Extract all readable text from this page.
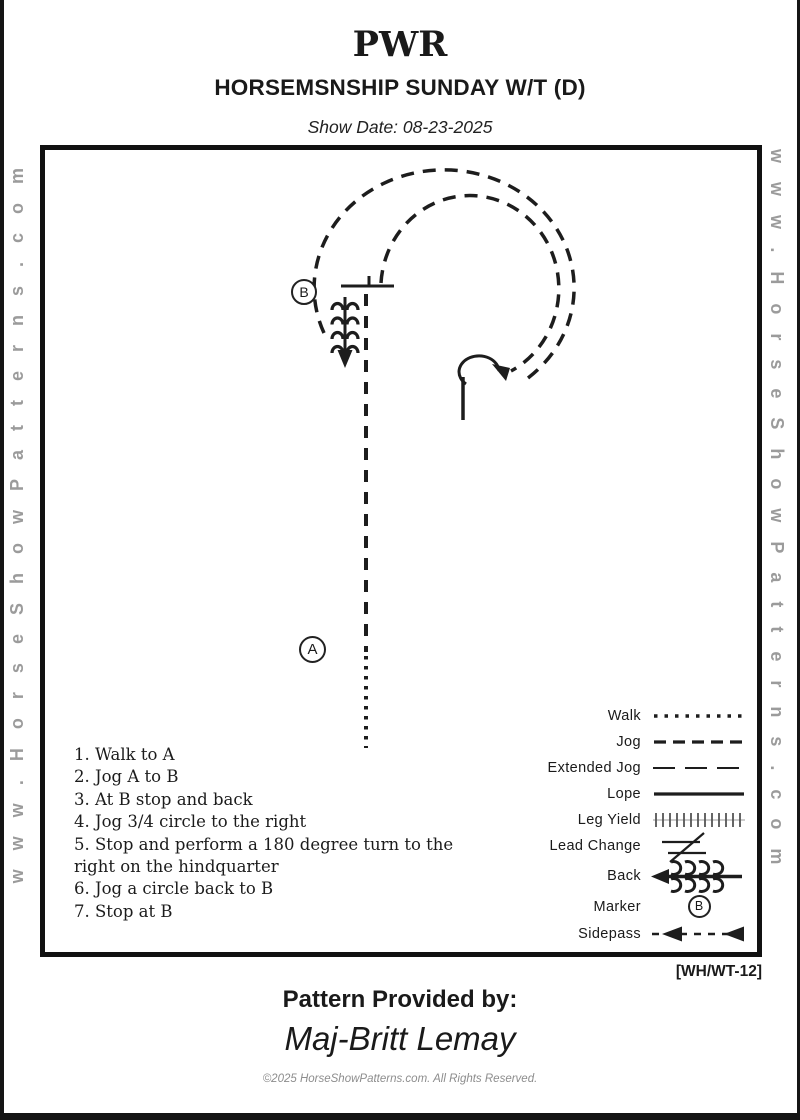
PWR
HORSEMSNSHIP SUNDAY W/T (D)
Show Date: 08-23-2025
www.HorseShowPatterns.com	www.HorseShowPatterns.com
B
A
1. Walk to A
2. Jog A to B
3. At B stop and back
4. Jog 3/4 circle to the right
5. Stop and perform a 180 degree turn to the right on the hindquarter
6. Jog a circle back to B
7. Stop at B
Walk
Jog
Extended Jog
Lope
Leg Yield
Lead Change
Back
Marker	B
Sidepass
[WH/WT-12]
Pattern Provided by:
Maj-Britt Lemay
©2025 HorseShowPatterns.com. All Rights Reserved.
